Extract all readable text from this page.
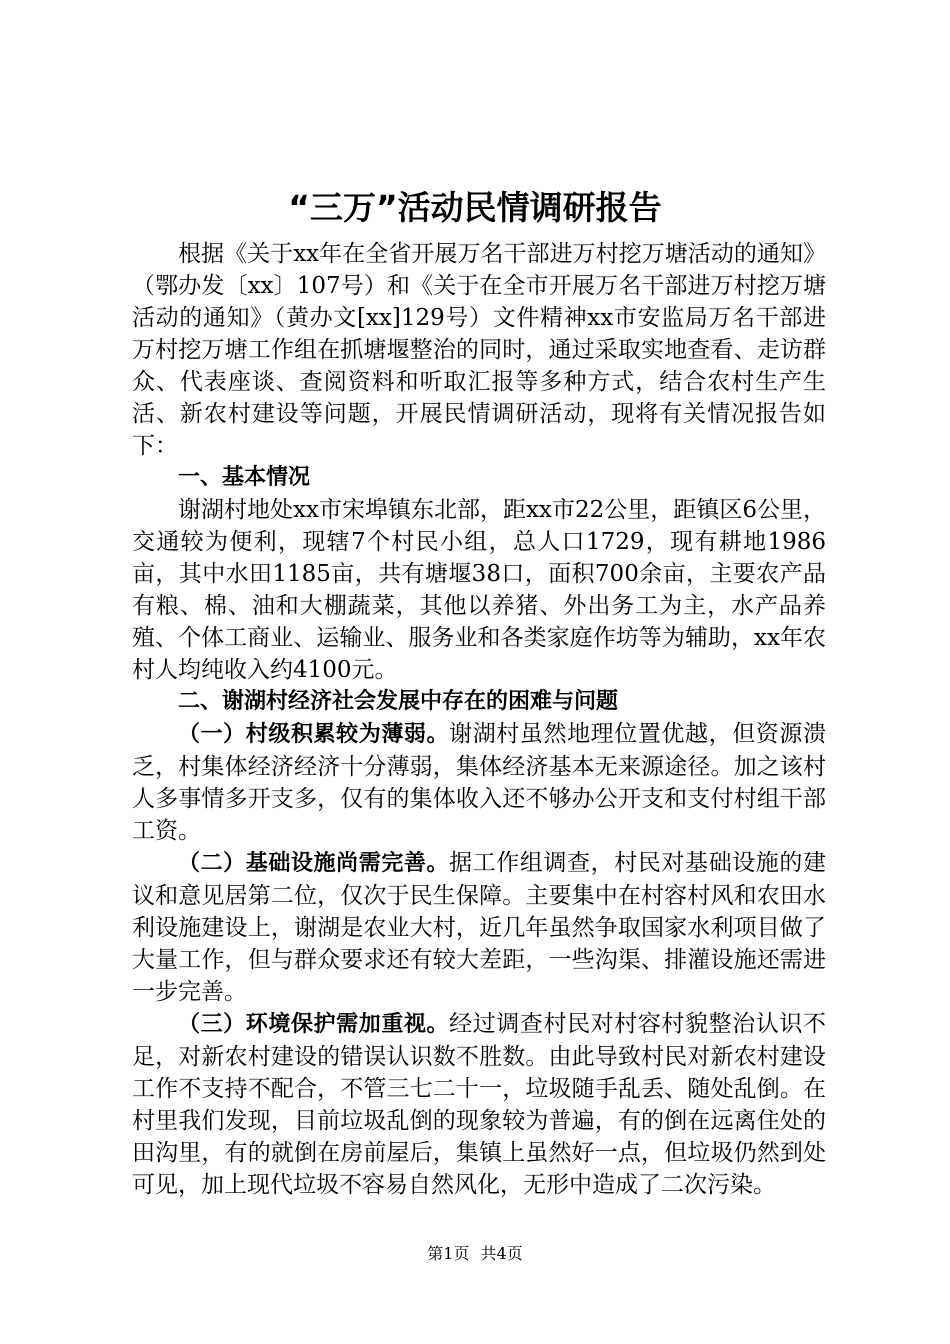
“三万”活动民情调研报告

根据《关于xx年在全省开展万名干部进万村挖万塘活动的通知》（鄂办发〔xx〕107号）和《关于在全市开展万名干部进万村挖万塘活动的通知》（黄办文[xx]129号）文件精神xx市安监局万名干部进万村挖万塘工作组在抓塘堰整治的同时，通过采取实地查看、走访群众、代表座谈、查阅资料和听取汇报等多种方式，结合农村生产生活、新农村建设等问题，开展民情调研活动，现将有关情况报告如下：

一、基本情况

谢湖村地处xx市宋埠镇东北部，距xx市22公里，距镇区6公里，交通较为便利，现辖7个村民小组，总人口1729，现有耕地1986亩，其中水田1185亩，共有塘堰38口，面积700余亩，主要农产品有粮、棉、油和大棚蔬菜，其他以养猪、外出务工为主，水产品养殖、个体工商业、运输业、服务业和各类家庭作坊等为辅助，xx年农村人均纯收入约4100元。

二、谢湖村经济社会发展中存在的困难与问题

（一）村级积累较为薄弱。谢湖村虽然地理位置优越，但资源溃乏，村集体经济经济十分薄弱，集体经济基本无来源途径。加之该村人多事情多开支多，仅有的集体收入还不够办公开支和支付村组干部工资。

（二）基础设施尚需完善。据工作组调查，村民对基础设施的建议和意见居第二位，仅次于民生保障。主要集中在村容村风和农田水利设施建设上，谢湖是农业大村，近几年虽然争取国家水利项目做了大量工作，但与群众要求还有较大差距，一些沟渠、排灌设施还需进一步完善。

（三）环境保护需加重视。经过调查村民对村容村貌整治认识不足，对新农村建设的错误认识数不胜数。由此导致村民对新农村建设工作不支持不配合，不管三七二十一，垃圾随手乱丢、随处乱倒。在村里我们发现，目前垃圾乱倒的现象较为普遍，有的倒在远离住处的田沟里，有的就倒在房前屋后，集镇上虽然好一点，但垃圾仍然到处可见，加上现代垃圾不容易自然风化，无形中造成了二次污染。

第1页 共4页
